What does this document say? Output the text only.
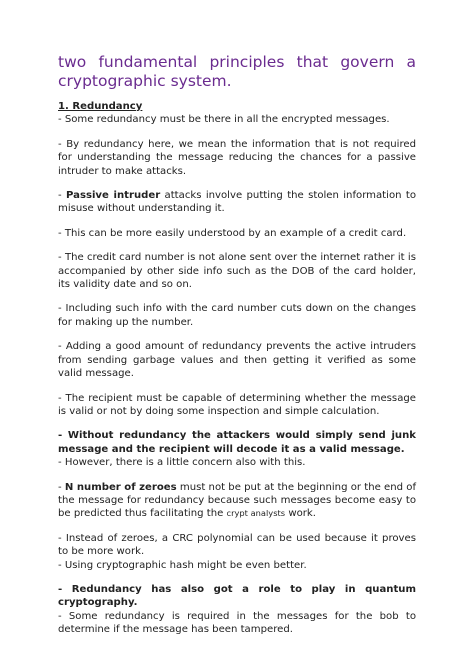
two fundamental principles that govern a cryptographic system.
1. Redundancy
- Some redundancy must be there in all the encrypted messages.
- By redundancy here, we mean the information that is not required for understanding the message reducing the chances for a passive intruder to make attacks.
- Passive intruder attacks involve putting the stolen information to misuse without understanding it.
- This can be more easily understood by an example of a credit card.
- The credit card number is not alone sent over the internet rather it is accompanied by other side info such as the DOB of the card holder, its validity date and so on.
- Including such info with the card number cuts down on the changes for making up the number.
- Adding a good amount of redundancy prevents the active intruders from sending garbage values and then getting it verified as some valid message.
- The recipient must be capable of determining whether the message is valid or not by doing some inspection and simple calculation.
- Without redundancy the attackers would simply send junk message and the recipient will decode it as a valid message.
- However, there is a little concern also with this.
- N number of zeroes must not be put at the beginning or the end of the message for redundancy because such messages become easy to be predicted thus facilitating the crypt analysts work.
- Instead of zeroes, a CRC polynomial can be used because it proves to be more work.
- Using cryptographic hash might be even better.
- Redundancy has also got a role to play in quantum cryptography.
- Some redundancy is required in the messages for the bob to determine if the message has been tampered.
